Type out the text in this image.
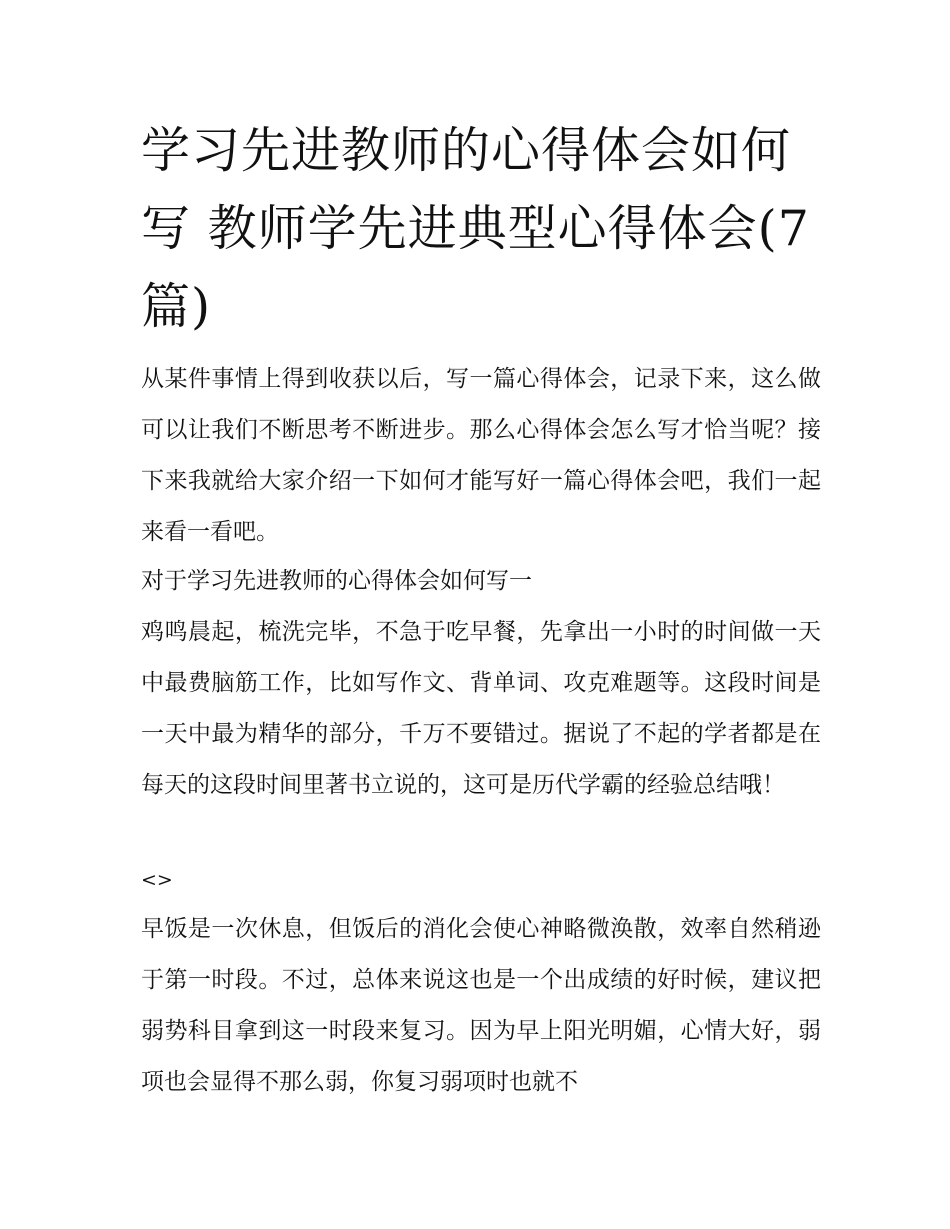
学习先进教师的心得体会如何写 教师学先进典型心得体会(7篇)

从某件事情上得到收获以后，写一篇心得体会，记录下来，这么做可以让我们不断思考不断进步。那么心得体会怎么写才恰当呢？接下来我就给大家介绍一下如何才能写好一篇心得体会吧，我们一起来看一看吧。

对于学习先进教师的心得体会如何写一

鸡鸣晨起，梳洗完毕，不急于吃早餐，先拿出一小时的时间做一天中最费脑筋工作，比如写作文、背单词、攻克难题等。这段时间是一天中最为精华的部分，千万不要错过。据说了不起的学者都是在每天的这段时间里著书立说的，这可是历代学霸的经验总结哦！

<>

早饭是一次休息，但饭后的消化会使心神略微涣散，效率自然稍逊于第一时段。不过，总体来说这也是一个出成绩的好时候，建议把弱势科目拿到这一时段来复习。因为早上阳光明媚，心情大好，弱项也会显得不那么弱，你复习弱项时也就不
